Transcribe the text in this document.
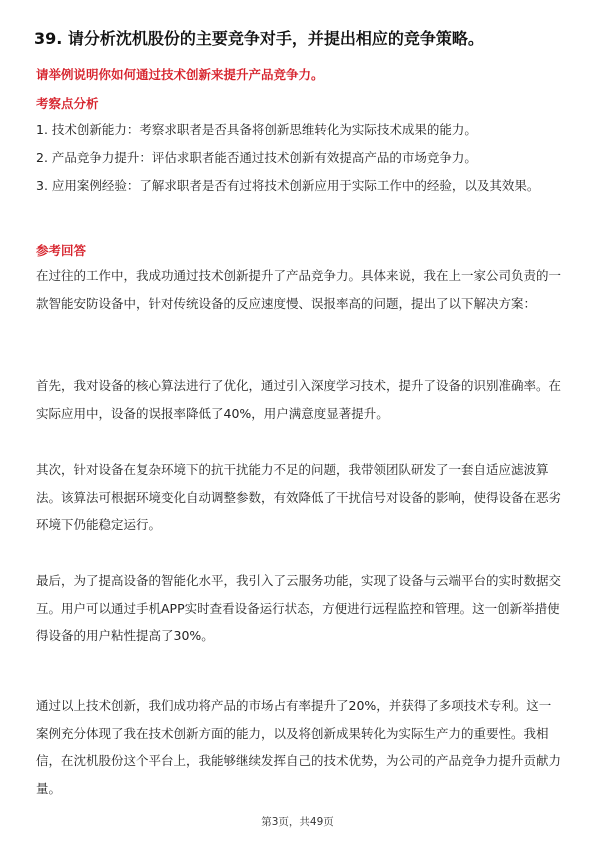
39. 请分析沈机股份的主要竞争对手，并提出相应的竞争策略。
请举例说明你如何通过技术创新来提升产品竞争力。
考察点分析
1. 技术创新能力：考察求职者是否具备将创新思维转化为实际技术成果的能力。
2. 产品竞争力提升：评估求职者能否通过技术创新有效提高产品的市场竞争力。
3. 应用案例经验：了解求职者是否有过将技术创新应用于实际工作中的经验，以及其效果。
参考回答
在过往的工作中，我成功通过技术创新提升了产品竞争力。具体来说，我在上一家公司负责的一款智能安防设备中，针对传统设备的反应速度慢、误报率高的问题，提出了以下解决方案：
首先，我对设备的核心算法进行了优化，通过引入深度学习技术，提升了设备的识别准确率。在实际应用中，设备的误报率降低了40%，用户满意度显著提升。
其次，针对设备在复杂环境下的抗干扰能力不足的问题，我带领团队研发了一套自适应滤波算法。该算法可根据环境变化自动调整参数，有效降低了干扰信号对设备的影响，使得设备在恶劣环境下仍能稳定运行。
最后，为了提高设备的智能化水平，我引入了云服务功能，实现了设备与云端平台的实时数据交互。用户可以通过手机APP实时查看设备运行状态，方便进行远程监控和管理。这一创新举措使得设备的用户粘性提高了30%。
通过以上技术创新，我们成功将产品的市场占有率提升了20%，并获得了多项技术专利。这一案例充分体现了我在技术创新方面的能力，以及将创新成果转化为实际生产力的重要性。我相信，在沈机股份这个平台上，我能够继续发挥自己的技术优势，为公司的产品竞争力提升贡献力量。
第3页，共49页
